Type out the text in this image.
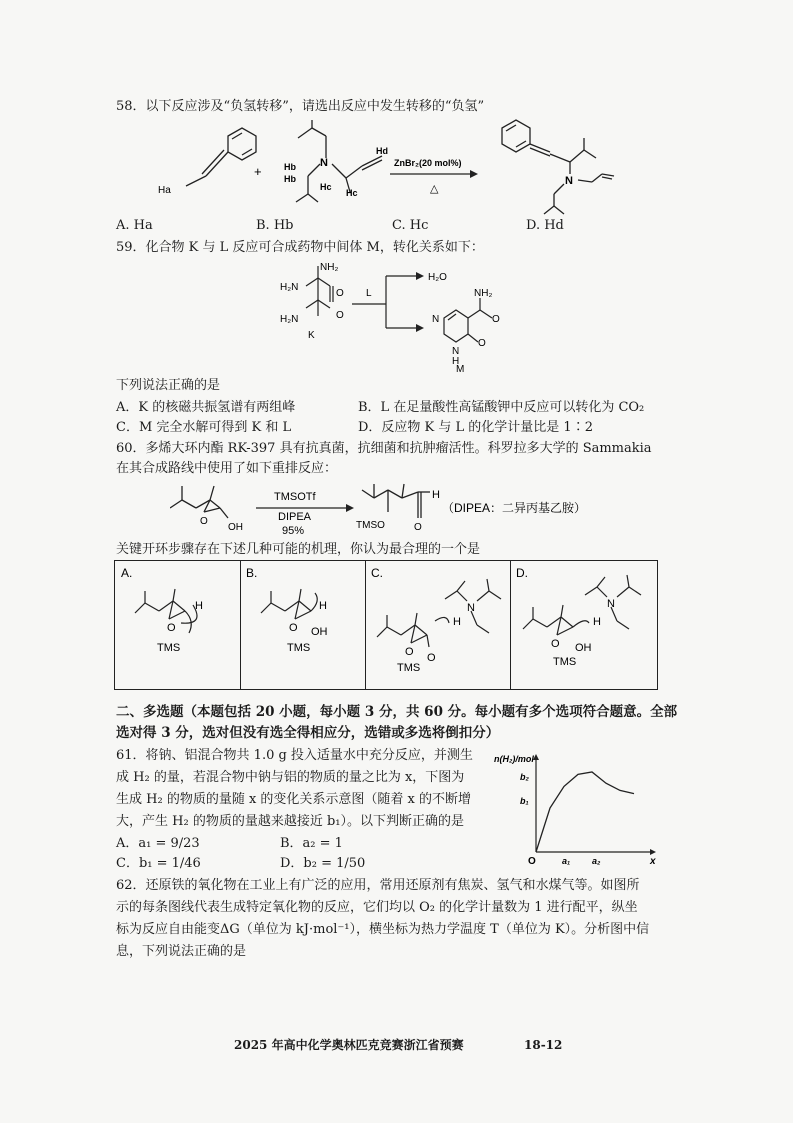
58．以下反应涉及“负氢转移”，请选出反应中发生转移的“负氢”
Ha
+
N
Hb
Hb
Hc
Hc
Hd
ZnBr₂(20 mol%)
△
N
A. Ha	B. Hb	C. Hc	D. Hd
59．化合物 K 与 L 反应可合成药物中间体 M，转化关系如下：
NH₂
H₂N
O
H₂N	O
K
L
H₂O
NH₂
O
O
N
N
H
M
下列说法正确的是
A．K 的核磁共振氢谱有两组峰	B．L 在足量酸性高锰酸钾中反应可以转化为 CO₂
C．M 完全水解可得到 K 和 L	D．反应物 K 与 L 的化学计量比是 1∶2
60．多烯大环内酯 RK-397 具有抗真菌，抗细菌和抗肿瘤活性。科罗拉多大学的 Sammakia
在其合成路线中使用了如下重排反应：
O
OH
TMSOTf
DIPEA
95%
H
TMSO	O
（DIPEA：二异丙基乙胺）
关键开环步骤存在下述几种可能的机理，你认为最合理的一个是
A.
H
O
TMS
B.
H
O OH
TMS
C.
H
N
O O
TMS
D.
H
N
O OH
TMS
二、多选题（本题包括 20 小题，每小题 3 分，共 60 分。每小题有多个选项符合题意。全部
选对得 3 分，选对但没有选全得相应分，选错或多选将倒扣分）
61．将钠、铝混合物共 1.0 g 投入适量水中充分反应，并测生
成 H₂ 的量，若混合物中钠与铝的物质的量之比为 x，下图为
生成 H₂ 的物质的量随 x 的变化关系示意图（随着 x 的不断增
大，产生 H₂ 的物质的量越来越接近 b₁）。以下判断正确的是
A．a₁ = 9/23	B．a₂ = 1
C．b₁ = 1/46	D．b₂ = 1/50
n(H₂)/mol
x
O	a₁ a₂
b₂
b₁
62．还原铁的氧化物在工业上有广泛的应用，常用还原剂有焦炭、氢气和水煤气等。如图所
示的每条图线代表生成特定氧化物的反应，它们均以 O₂ 的化学计量数为 1 进行配平，纵坐
标为反应自由能变ΔG（单位为 kJ·mol⁻¹），横坐标为热力学温度 T（单位为 K）。分析图中信
息，下列说法正确的是
2025 年高中化学奥林匹克竞赛浙江省预赛	18-12
